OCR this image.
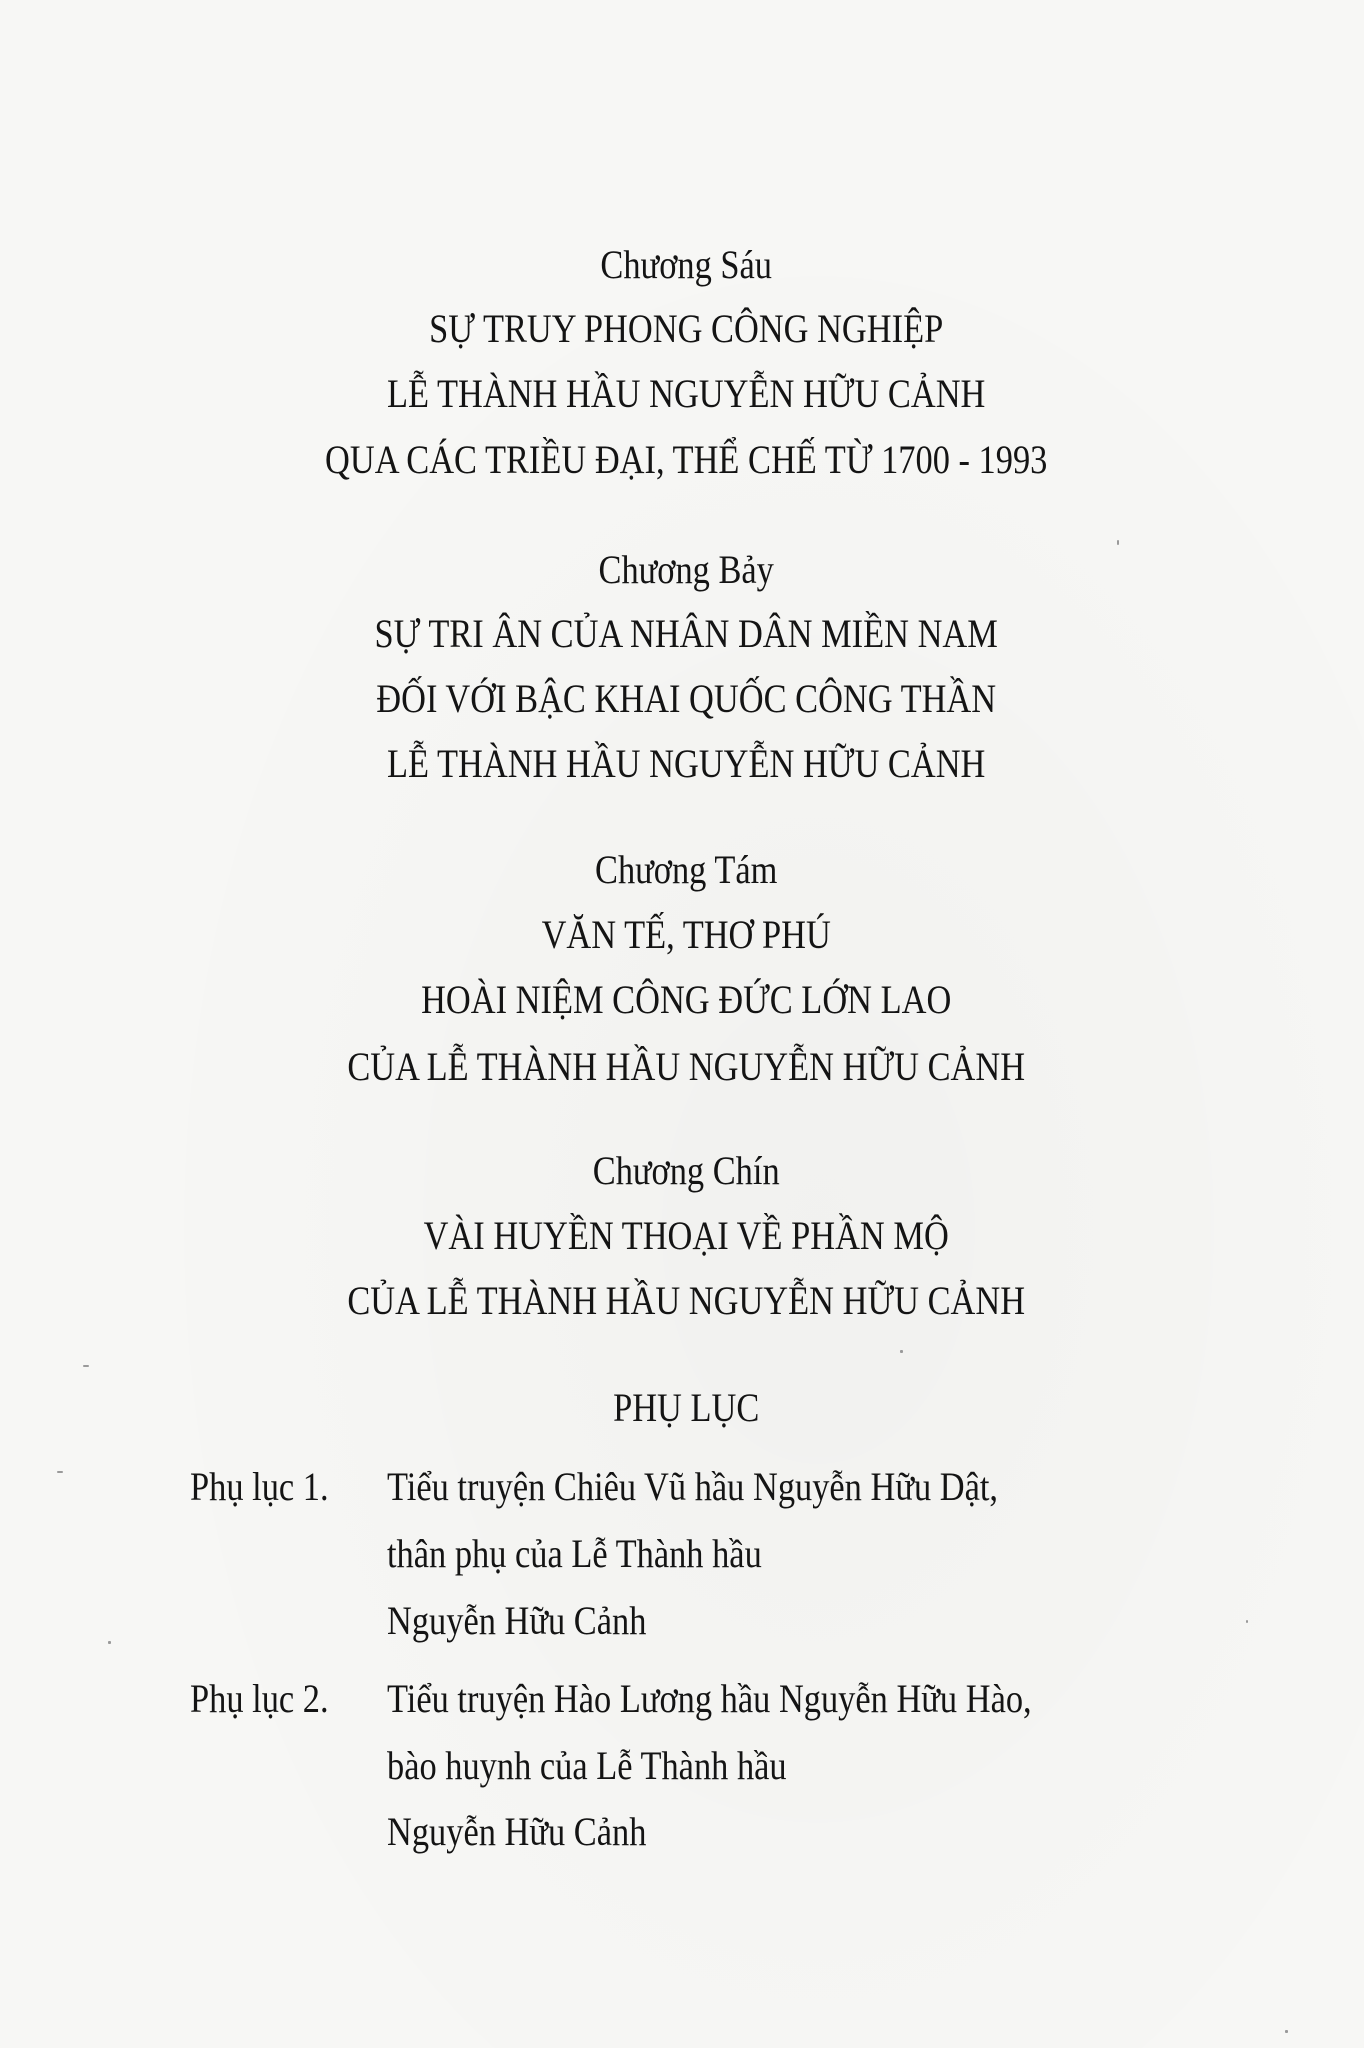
Chương Sáu
SỰ TRUY PHONG CÔNG NGHIỆP
LỄ THÀNH HẦU NGUYỄN HỮU CẢNH
QUA CÁC TRIỀU ĐẠI, THỂ CHẾ TỪ 1700 - 1993
Chương Bảy
SỰ TRI ÂN CỦA NHÂN DÂN MIỀN NAM
ĐỐI VỚI BẬC KHAI QUỐC CÔNG THẦN
LỄ THÀNH HẦU NGUYỄN HỮU CẢNH
Chương Tám
VĂN TẾ, THƠ PHÚ
HOÀI NIỆM CÔNG ĐỨC LỚN LAO
CỦA LỄ THÀNH HẦU NGUYỄN HỮU CẢNH
Chương Chín
VÀI HUYỀN THOẠI VỀ PHẦN MỘ
CỦA LỄ THÀNH HẦU NGUYỄN HỮU CẢNH
PHỤ LỤC
Phụ lục 1. Tiểu truyện Chiêu Vũ hầu Nguyễn Hữu Dật,
thân phụ của Lễ Thành hầu
Nguyễn Hữu Cảnh
Phụ lục 2. Tiểu truyện Hào Lương hầu Nguyễn Hữu Hào,
bào huynh của Lễ Thành hầu
Nguyễn Hữu Cảnh
